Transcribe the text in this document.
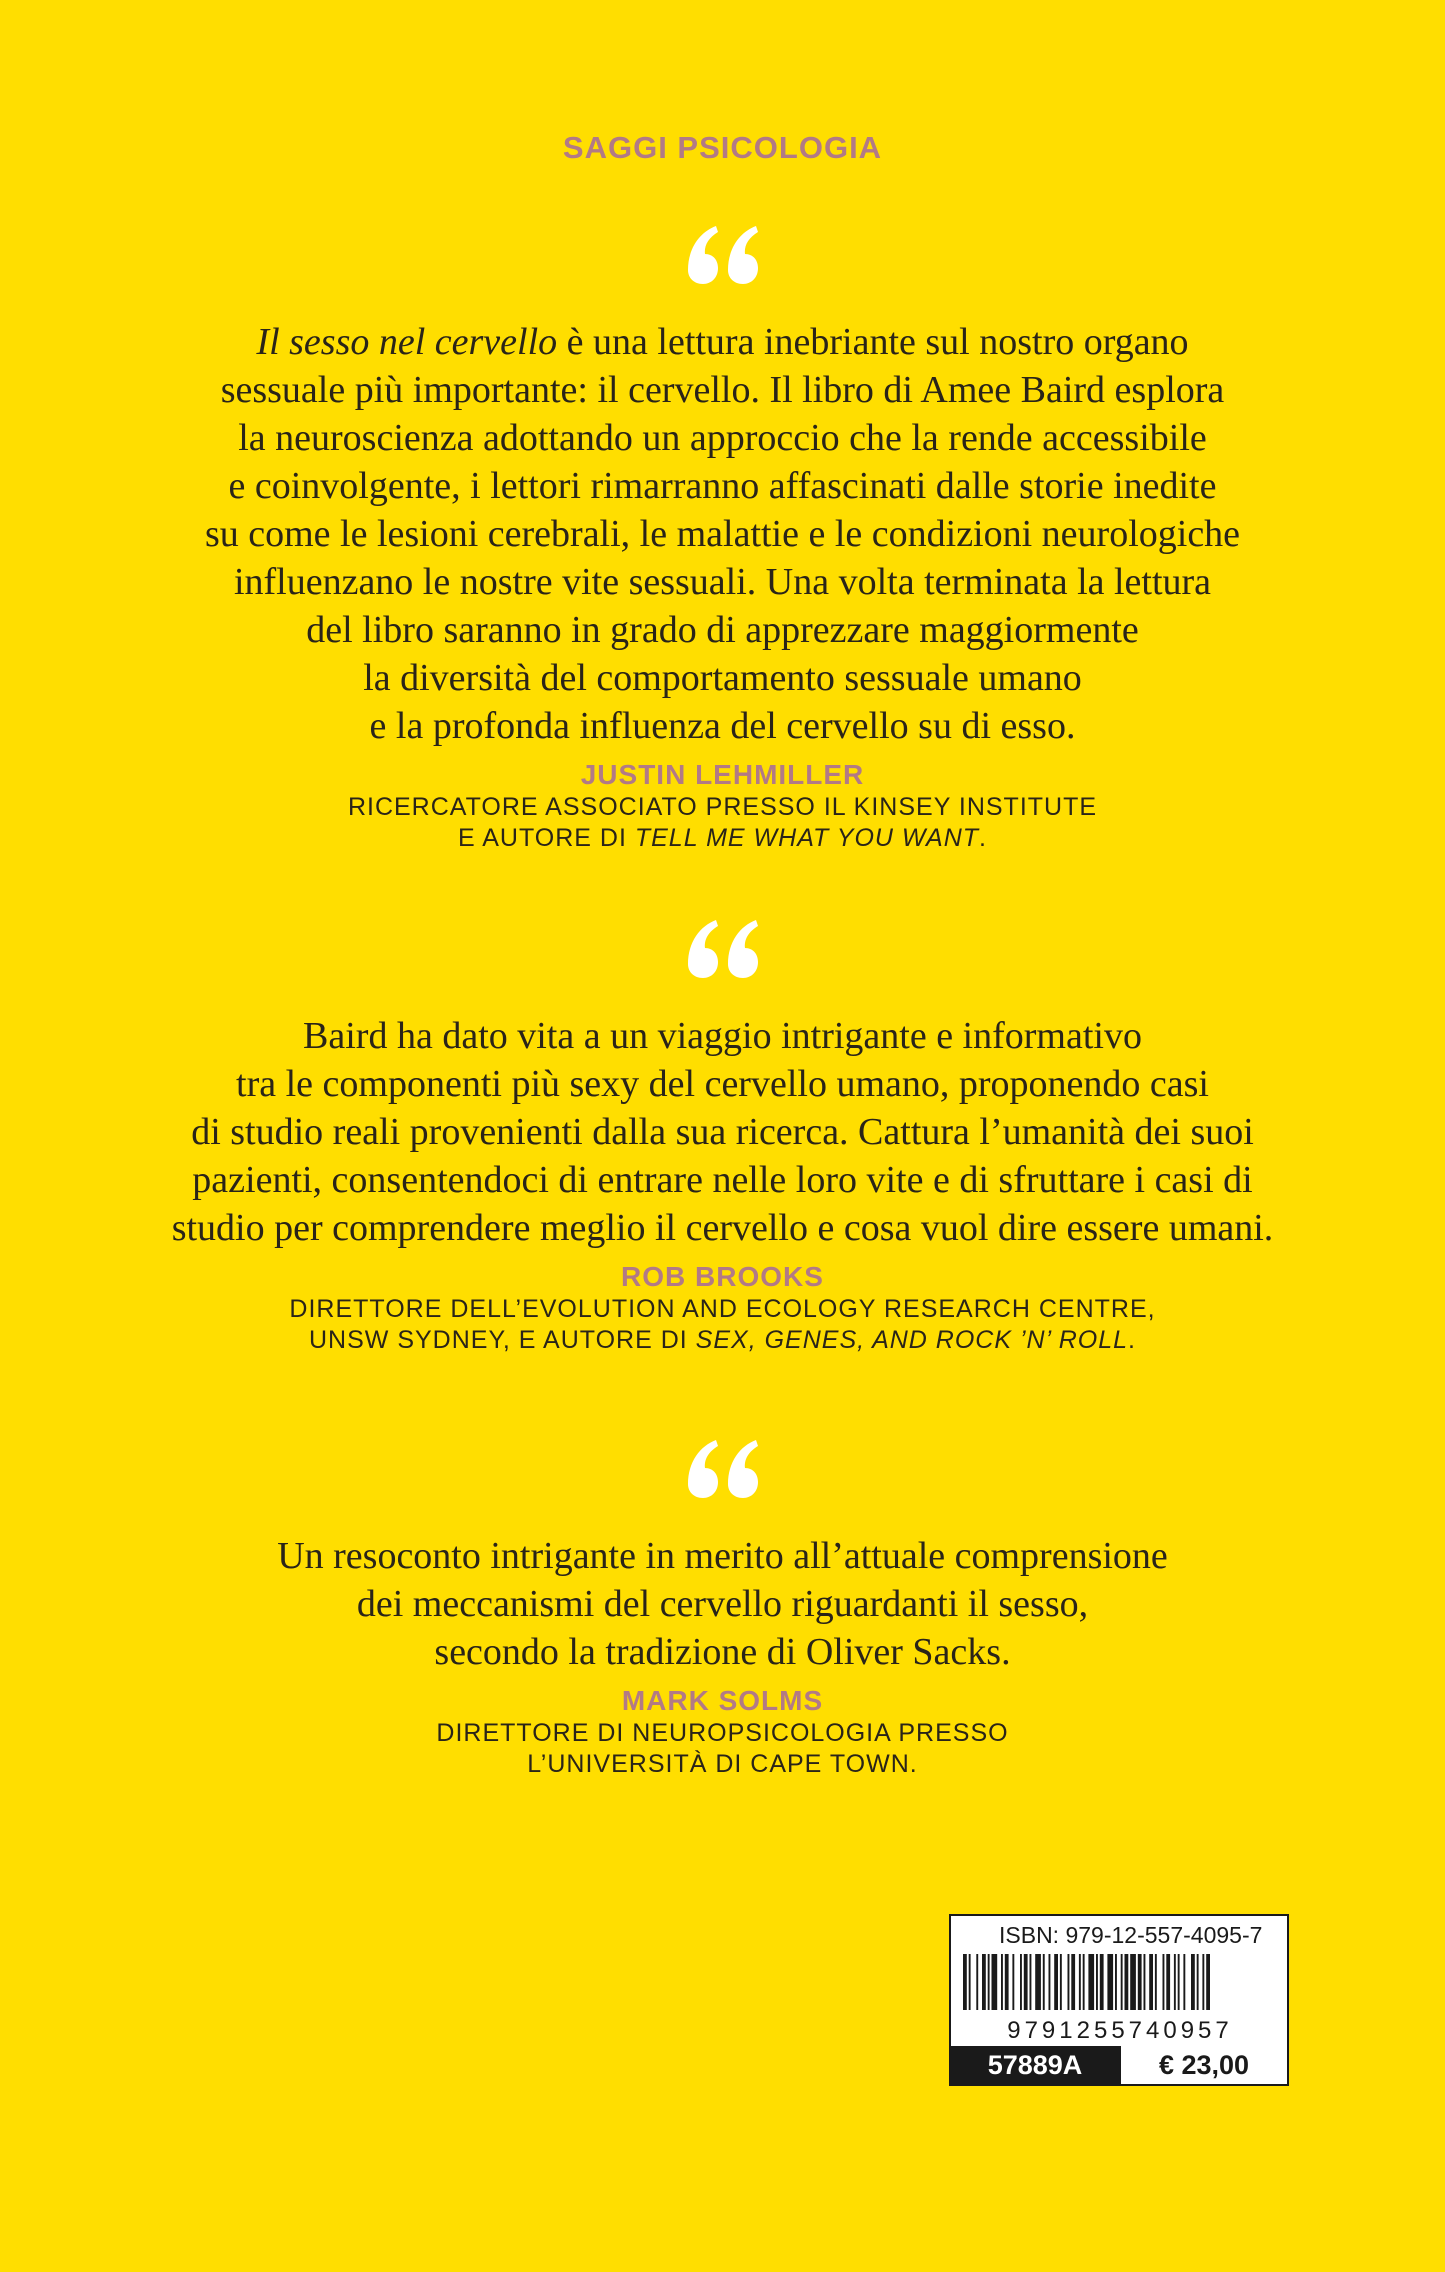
SAGGI PSICOLOGIA
Il sesso nel cervello è una lettura inebriante sul nostro organo
sessuale più importante: il cervello. Il libro di Amee Baird esplora
la neuroscienza adottando un approccio che la rende accessibile
e coinvolgente, i lettori rimarranno affascinati dalle storie inedite
su come le lesioni cerebrali, le malattie e le condizioni neurologiche
influenzano le nostre vite sessuali. Una volta terminata la lettura
del libro saranno in grado di apprezzare maggiormente
la diversità del comportamento sessuale umano
e la profonda influenza del cervello su di esso.
JUSTIN LEHMILLER
RICERCATORE ASSOCIATO PRESSO IL KINSEY INSTITUTE
E AUTORE DI TELL ME WHAT YOU WANT.
Baird ha dato vita a un viaggio intrigante e informativo
tra le componenti più sexy del cervello umano, proponendo casi
di studio reali provenienti dalla sua ricerca. Cattura l’umanità dei suoi
pazienti, consentendoci di entrare nelle loro vite e di sfruttare i casi di
studio per comprendere meglio il cervello e cosa vuol dire essere umani.
ROB BROOKS
DIRETTORE DELL’EVOLUTION AND ECOLOGY RESEARCH CENTRE,
UNSW SYDNEY, E AUTORE DI SEX, GENES, AND ROCK ’N’ ROLL.
Un resoconto intrigante in merito all’attuale comprensione
dei meccanismi del cervello riguardanti il sesso,
secondo la tradizione di Oliver Sacks.
MARK SOLMS
DIRETTORE DI NEUROPSICOLOGIA PRESSO
L’UNIVERSITÀ DI CAPE TOWN.
ISBN: 979-12-557-4095-7
9791255740957
57889A	€ 23,00
